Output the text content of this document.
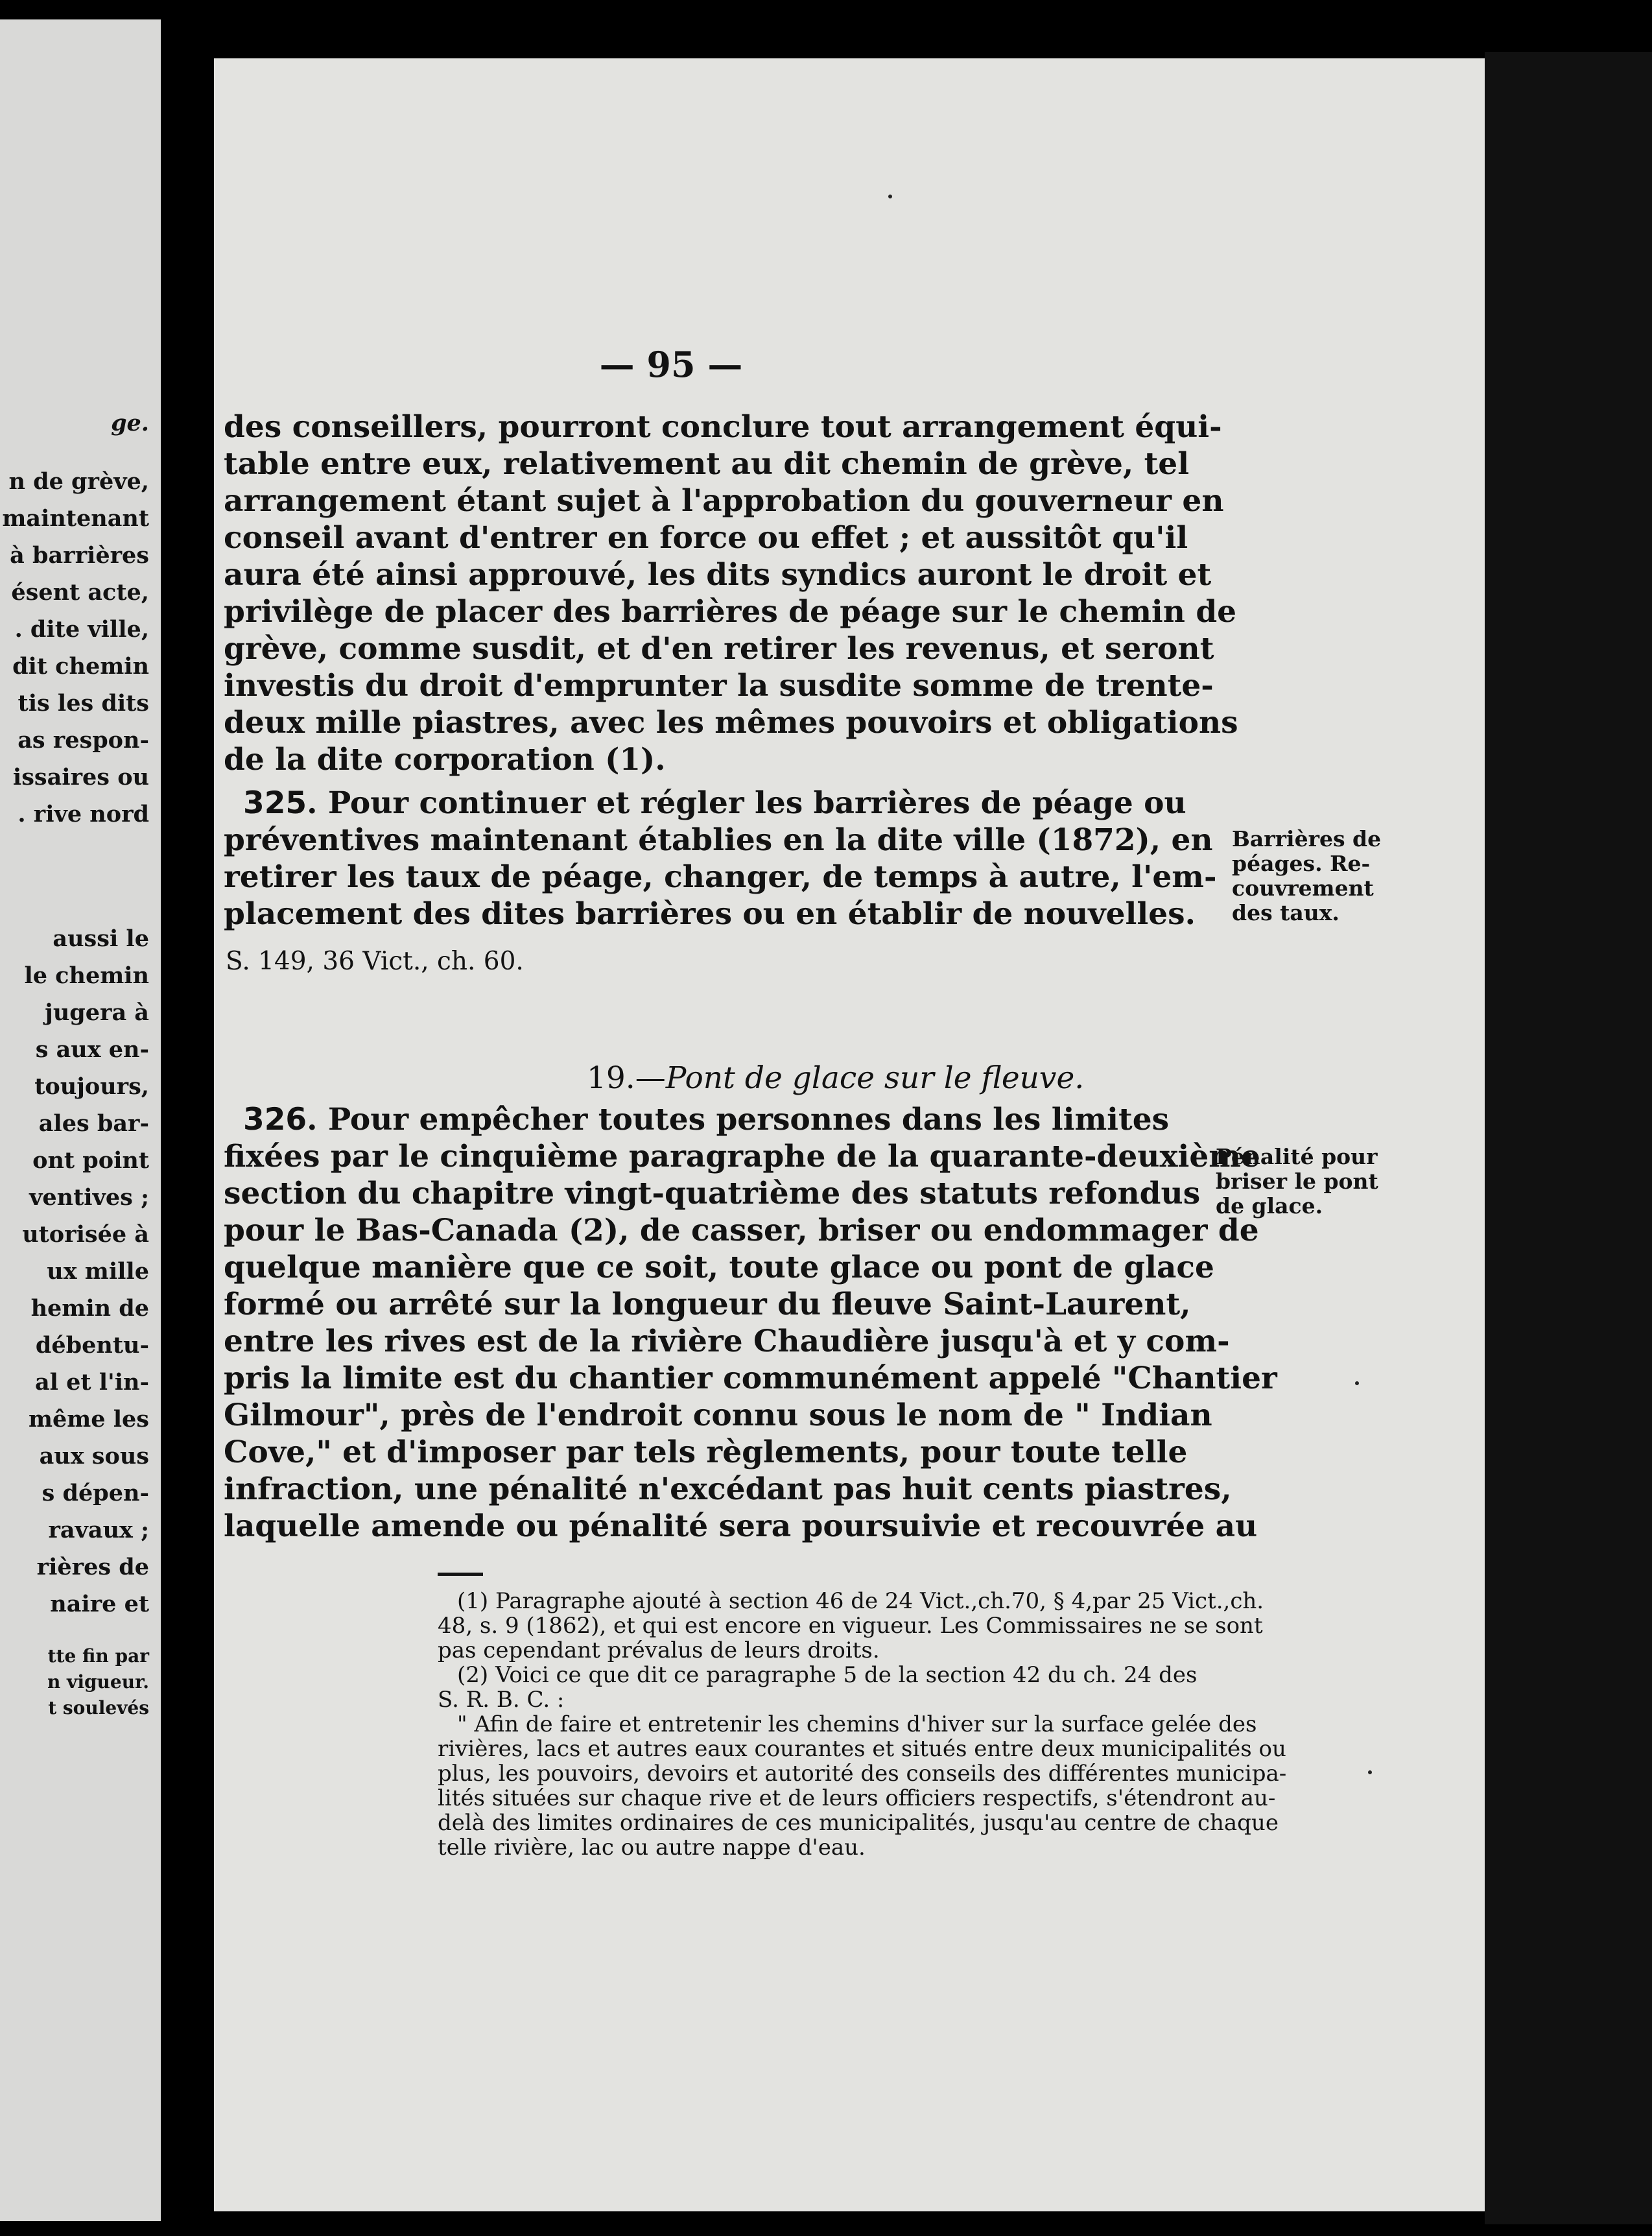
ge.
n de grève,
maintenant
à barrières
ésent acte,
. dite ville,
dit chemin
tis les dits
as respon-
issaires ou
. rive nord
aussi le
le chemin
jugera à
s aux en-
toujours,
ales bar-
ont point
ventives ;
utorisée à
ux mille
hemin de
débentu-
al et l'in-
même les
aux sous
s dépen-
ravaux ;
rières de
naire et
tte fin par
n vigueur.
t soulevés
— 95 —
des conseillers, pourront conclure tout arrangement équi-
table entre eux, relativement au dit chemin de grève, tel
arrangement étant sujet à l'approbation du gouverneur en
conseil avant d'entrer en force ou effet ; et aussitôt qu'il
aura été ainsi approuvé, les dits syndics auront le droit et
privilège de placer des barrières de péage sur le chemin de
grève, comme susdit, et d'en retirer les revenus, et seront
investis du droit d'emprunter la susdite somme de trente-
deux mille piastres, avec les mêmes pouvoirs et obligations
de la dite corporation (1).
325. Pour continuer et régler les barrières de péage ou
préventives maintenant établies en la dite ville (1872), en
retirer les taux de péage, changer, de temps à autre, l'em-
placement des dites barrières ou en établir de nouvelles.
S. 149, 36 Vict., ch. 60.
Barrières de
péages. Re-
couvrement
des taux.
19.—Pont de glace sur le fleuve.
326. Pour empêcher toutes personnes dans les limites
fixées par le cinquième paragraphe de la quarante-deuxième
section du chapitre vingt-quatrième des statuts refondus
pour le Bas-Canada (2), de casser, briser ou endommager de
quelque manière que ce soit, toute glace ou pont de glace
formé ou arrêté sur la longueur du fleuve Saint-Laurent,
entre les rives est de la rivière Chaudière jusqu'à et y com-
pris la limite est du chantier communément appelé "Chantier
Gilmour", près de l'endroit connu sous le nom de " Indian
Cove," et d'imposer par tels règlements, pour toute telle
infraction, une pénalité n'excédant pas huit cents piastres,
laquelle amende ou pénalité sera poursuivie et recouvrée au
Pénalité pour
briser le pont
de glace.
(1) Paragraphe ajouté à section 46 de 24 Vict.,ch.70, § 4,par 25 Vict.,ch.
48, s. 9 (1862), et qui est encore en vigueur. Les Commissaires ne se sont
pas cependant prévalus de leurs droits.
(2) Voici ce que dit ce paragraphe 5 de la section 42 du ch. 24 des
S. R. B. C. :
" Afin de faire et entretenir les chemins d'hiver sur la surface gelée des
rivières, lacs et autres eaux courantes et situés entre deux municipalités ou
plus, les pouvoirs, devoirs et autorité des conseils des différentes municipa-
lités situées sur chaque rive et de leurs officiers respectifs, s'étendront au-
delà des limites ordinaires de ces municipalités, jusqu'au centre de chaque
telle rivière, lac ou autre nappe d'eau.
